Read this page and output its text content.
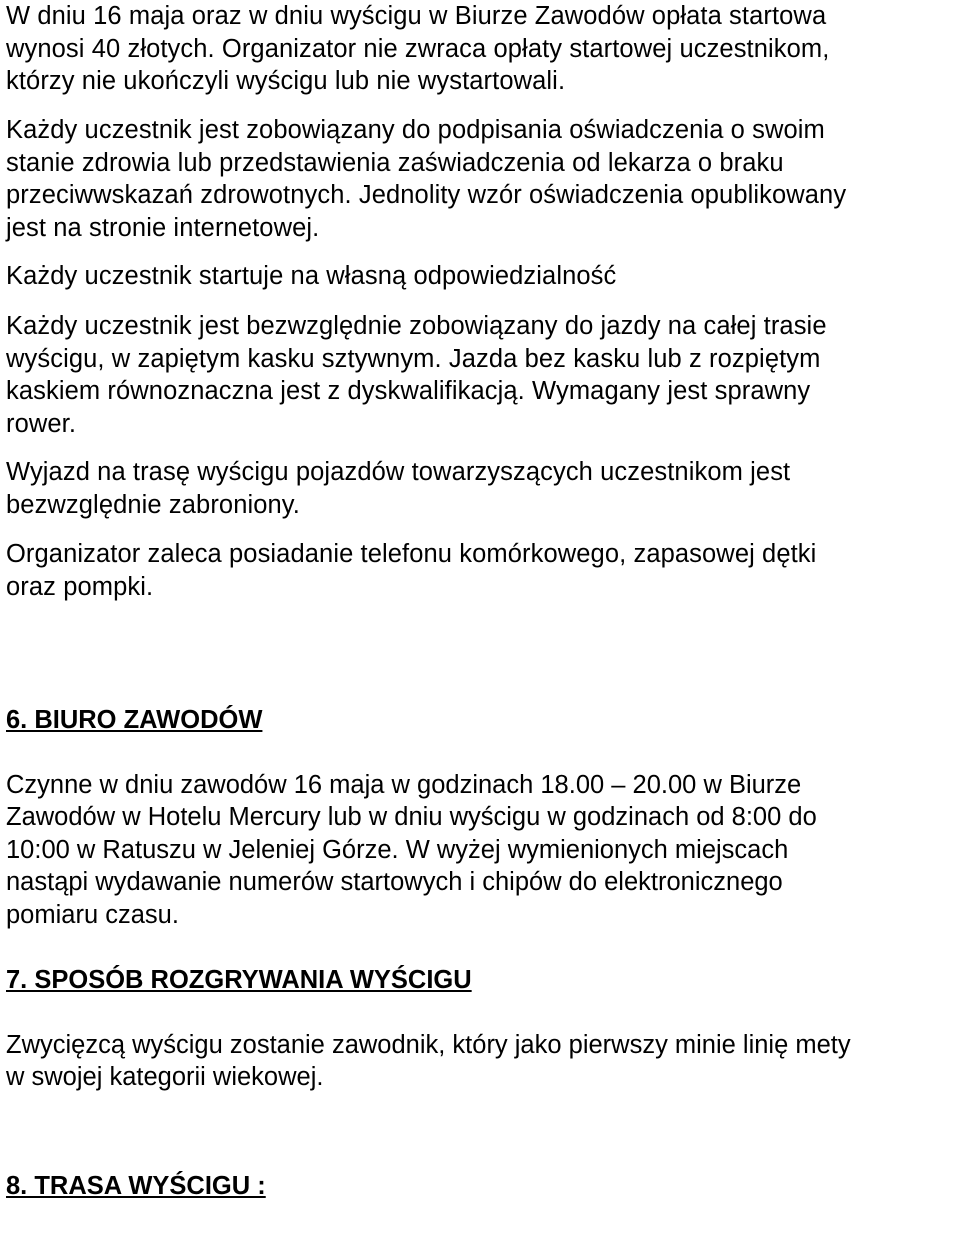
W dniu 16 maja oraz w dniu wyścigu w Biurze Zawodów opłata startowa
wynosi 40 złotych. Organizator nie zwraca opłaty startowej uczestnikom,
którzy nie ukończyli wyścigu lub nie wystartowali.

Każdy uczestnik jest zobowiązany do podpisania oświadczenia o swoim
stanie zdrowia lub przedstawienia zaświadczenia od lekarza o braku
przeciwwskazań zdrowotnych. Jednolity wzór oświadczenia opublikowany
jest na stronie internetowej.

Każdy uczestnik startuje na własną odpowiedzialność

Każdy uczestnik jest bezwzględnie zobowiązany do jazdy na całej trasie
wyścigu, w zapiętym kasku sztywnym. Jazda bez kasku lub z rozpiętym
kaskiem równoznaczna jest z dyskwalifikacją. Wymagany jest sprawny
rower.

Wyjazd na trasę wyścigu pojazdów towarzyszących uczestnikom jest
bezwzględnie zabroniony.

Organizator zaleca posiadanie telefonu komórkowego, zapasowej dętki
oraz pompki.

6. BIURO ZAWODÓW

Czynne w dniu zawodów 16 maja w godzinach 18.00 – 20.00 w Biurze
Zawodów w Hotelu Mercury lub w dniu wyścigu w godzinach od 8:00 do
10:00 w Ratuszu w Jeleniej Górze. W wyżej wymienionych miejscach
nastąpi wydawanie numerów startowych i chipów do elektronicznego
pomiaru czasu.

7. SPOSÓB ROZGRYWANIA WYŚCIGU

Zwycięzcą wyścigu zostanie zawodnik, który jako pierwszy minie linię mety
w swojej kategorii wiekowej.

8. TRASA WYŚCIGU :
